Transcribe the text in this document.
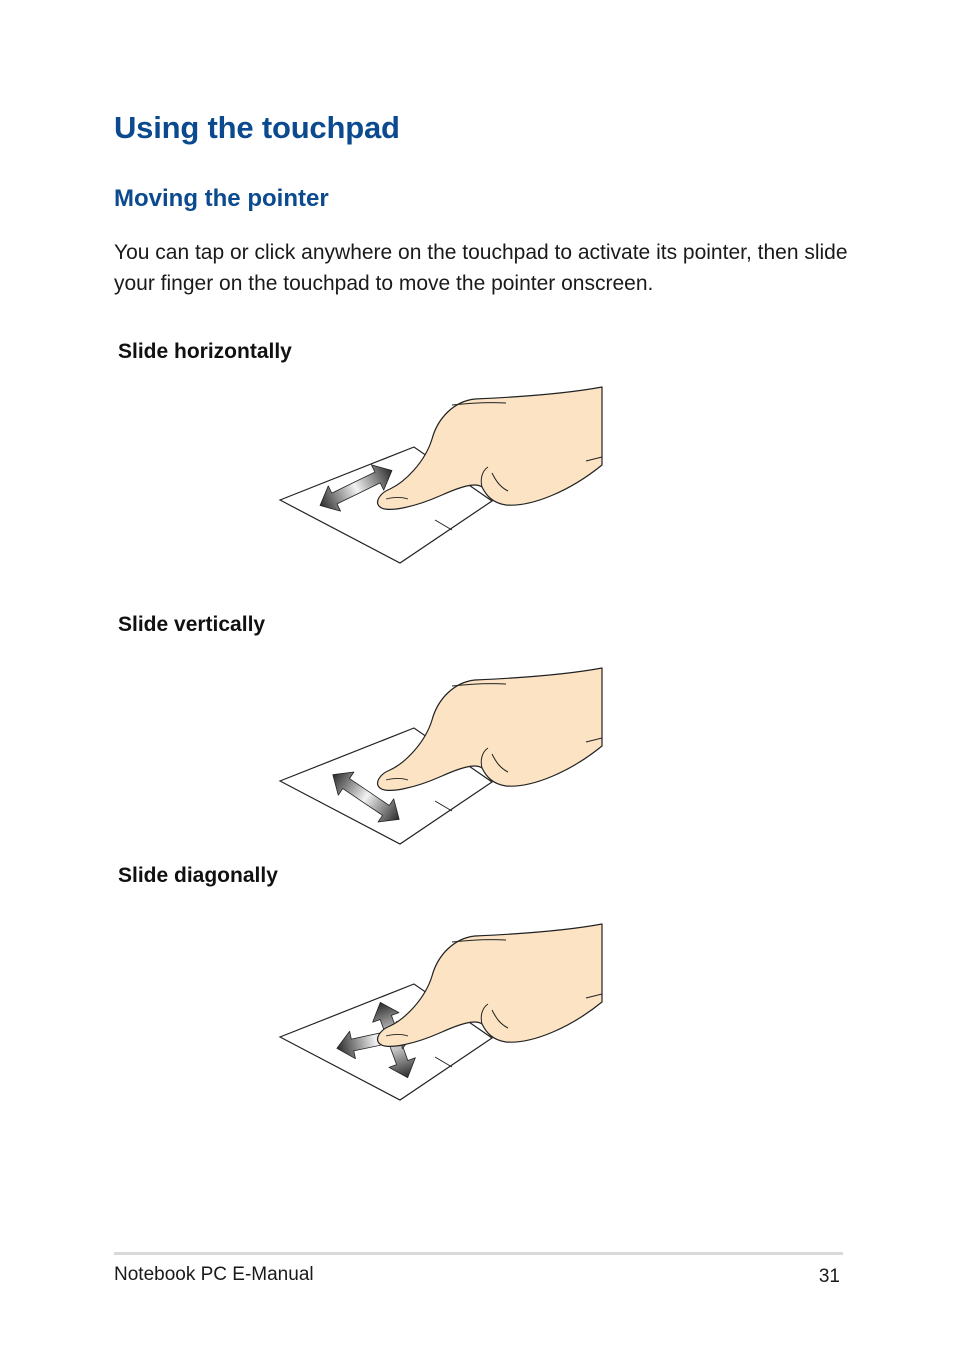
Using the touchpad
Moving the pointer

You can tap or click anywhere on the touchpad to activate its pointer, then slide your finger on the touchpad to move the pointer onscreen.

Slide horizontally
Slide vertically
Slide diagonally
Notebook PC E-Manual	31
